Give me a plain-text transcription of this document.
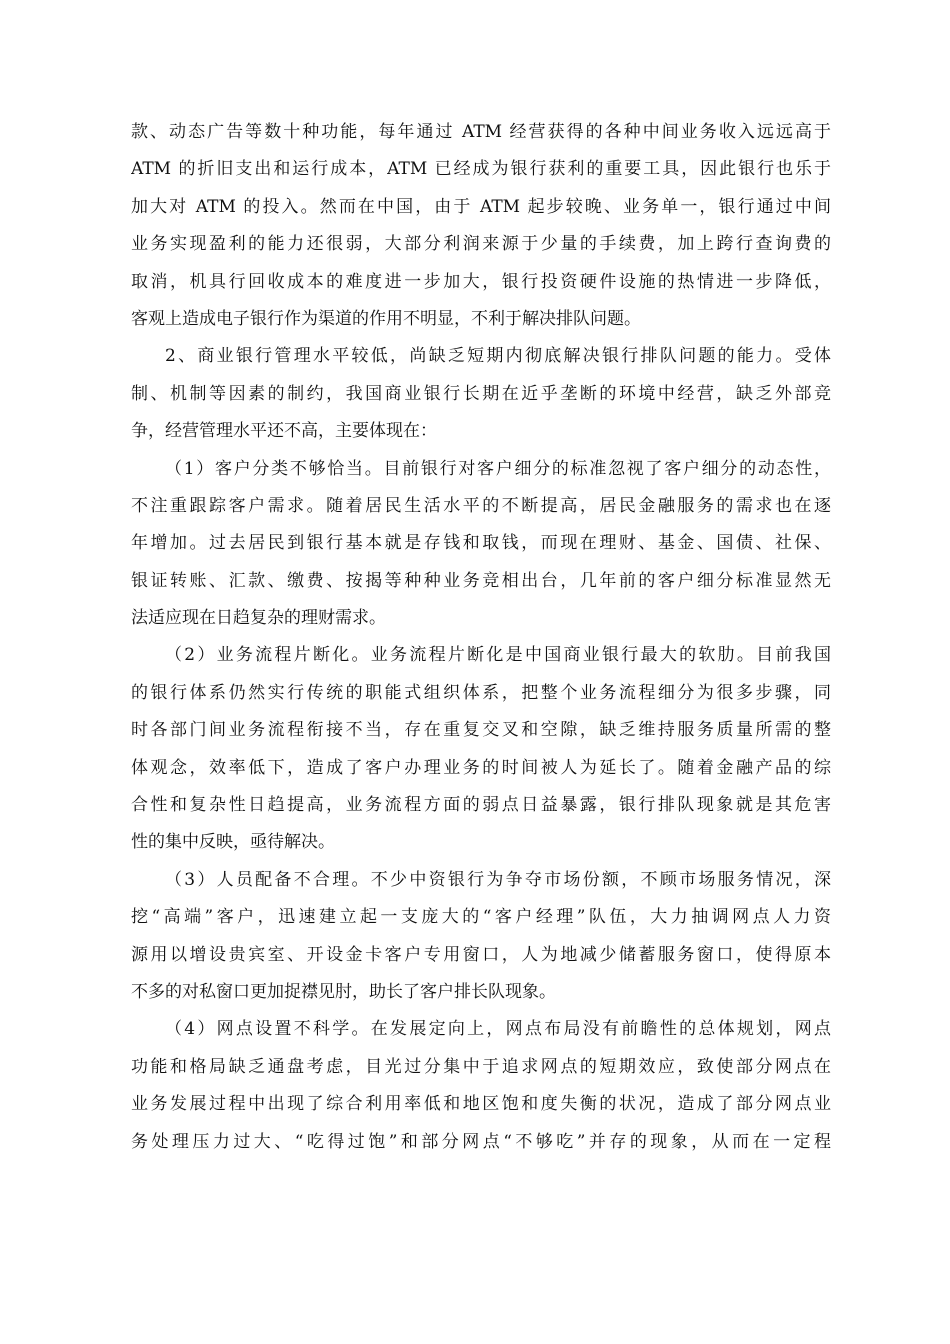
款、动态广告等数十种功能，每年通过 ATM 经营获得的各种中间业务收入远远高于
ATM 的折旧支出和运行成本，ATM 已经成为银行获利的重要工具，因此银行也乐于
加大对 ATM 的投入。然而在中国，由于 ATM 起步较晚、业务单一，银行通过中间
业务实现盈利的能力还很弱，大部分利润来源于少量的手续费，加上跨行查询费的
取消，机具行回收成本的难度进一步加大，银行投资硬件设施的热情进一步降低，
客观上造成电子银行作为渠道的作用不明显，不利于解决排队问题。
2、商业银行管理水平较低，尚缺乏短期内彻底解决银行排队问题的能力。受体
制、机制等因素的制约，我国商业银行长期在近乎垄断的环境中经营，缺乏外部竞
争，经营管理水平还不高，主要体现在：
（1）客户分类不够恰当。目前银行对客户细分的标准忽视了客户细分的动态性，
不注重跟踪客户需求。随着居民生活水平的不断提高，居民金融服务的需求也在逐
年增加。过去居民到银行基本就是存钱和取钱，而现在理财、基金、国债、社保、
银证转账、汇款、缴费、按揭等种种业务竞相出台，几年前的客户细分标准显然无
法适应现在日趋复杂的理财需求。
（2）业务流程片断化。业务流程片断化是中国商业银行最大的软肋。目前我国
的银行体系仍然实行传统的职能式组织体系，把整个业务流程细分为很多步骤，同
时各部门间业务流程衔接不当，存在重复交叉和空隙，缺乏维持服务质量所需的整
体观念，效率低下，造成了客户办理业务的时间被人为延长了。随着金融产品的综
合性和复杂性日趋提高，业务流程方面的弱点日益暴露，银行排队现象就是其危害
性的集中反映，亟待解决。
（3）人员配备不合理。不少中资银行为争夺市场份额，不顾市场服务情况，深
挖“高端”客户，迅速建立起一支庞大的“客户经理”队伍，大力抽调网点人力资
源用以增设贵宾室、开设金卡客户专用窗口，人为地减少储蓄服务窗口，使得原本
不多的对私窗口更加捉襟见肘，助长了客户排长队现象。
（4）网点设置不科学。在发展定向上，网点布局没有前瞻性的总体规划，网点
功能和格局缺乏通盘考虑，目光过分集中于追求网点的短期效应，致使部分网点在
业务发展过程中出现了综合利用率低和地区饱和度失衡的状况，造成了部分网点业
务处理压力过大、“吃得过饱”和部分网点“不够吃”并存的现象，从而在一定程
